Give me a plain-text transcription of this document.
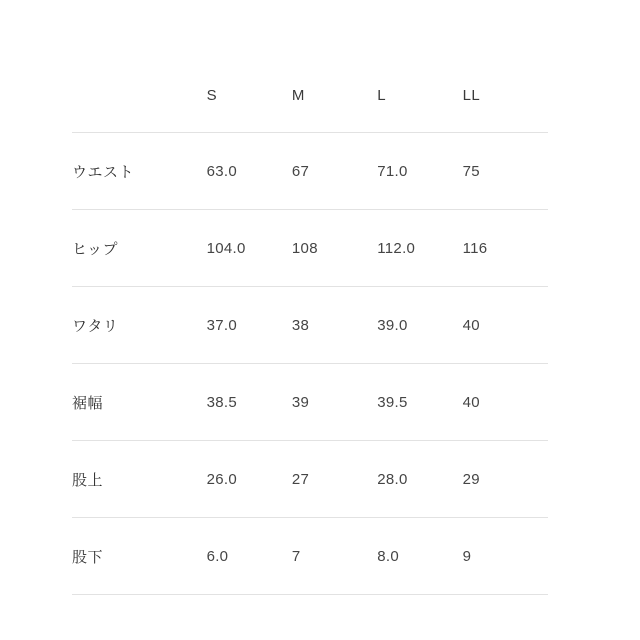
	S	M	L	LL
ウエスト	63.0	67	71.0	75
ヒップ	104.0	108	112.0	116
ワタリ	37.0	38	39.0	40
裾幅	38.5	39	39.5	40
股上	26.0	27	28.0	29
股下	6.0	7	8.0	9
